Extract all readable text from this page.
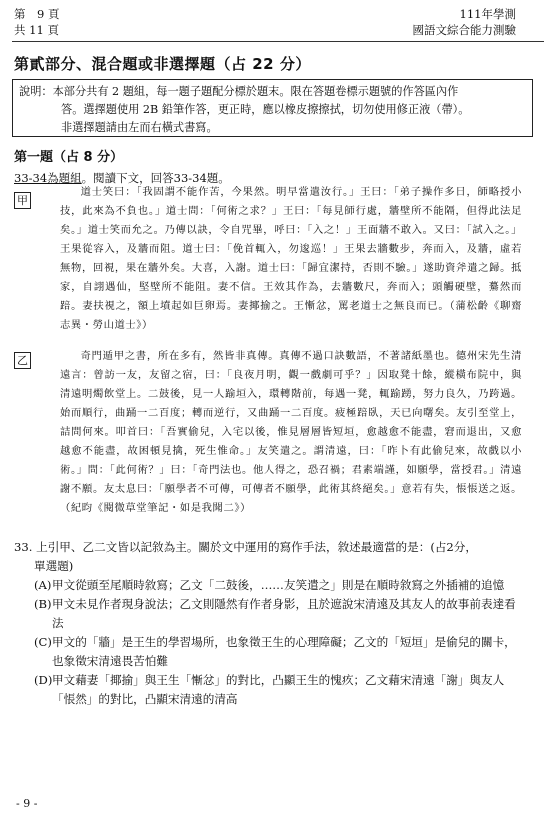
第　9 頁
共 11 頁
111年學測
國語文綜合能力測驗
第貳部分、混合題或非選擇題（占 22 分）
說明：本部分共有 2 題組，每一題子題配分標於題末。限在答題卷標示題號的作答區內作
答。選擇題使用 2B 鉛筆作答，更正時，應以橡皮擦擦拭，切勿使用修正液（帶）。
非選擇題請由左而右橫式書寫。
第一題（占 8 分）
33-34為題組。閱讀下文，回答33-34題。
甲

道士笑曰：「我固謂不能作苦，今果然。明早當遣汝行。」王曰：「弟子操作多日，師略授小技，此來為不負也。」道士問：「何術之求？」王曰：「每見師行處，牆壁所不能隔，但得此法足矣。」道士笑而允之。乃傳以訣，令自咒畢，呼曰：「入之！」王面牆不敢入。又曰：「試入之。」王果從容入，及牆而阻。道士曰：「俛首輒入，勿逡巡！」王果去牆數步，奔而入，及牆，虛若無物，回視，果在牆外矣。大喜，入謝。道士曰：「歸宜潔持，否則不驗。」遂助資斧遣之歸。抵家，自詡遇仙，堅壁所不能阻。妻不信。王效其作為，去牆數尺，奔而入；頭觸硬壁，驀然而踣。妻扶視之，額上墳起如巨卵焉。妻揶揄之。王慚忿，罵老道士之無良而已。（蒲松齡《聊齋志異・勞山道士》）

乙	奇門遁甲之書，所在多有，然皆非真傳。真傳不過口訣數語，不著諸紙墨也。德州宋先生清遠言：曾訪一友，友留之宿，曰：「良夜月明，觀一戲劇可乎？」因取凳十餘，縱橫布院中，與清遠明燭飲堂上。二鼓後，見一人踰垣入，環轉階前，每遇一凳，輒踰踴，努力良久，乃跨過。始而順行，曲踊一二百度；轉而逆行，又曲踊一二百度。疲極踣臥，天已向曙矣。友引至堂上，詰問何來。叩首曰：「吾實偷兒，入宅以後，惟見層層皆短垣，愈越愈不能盡，窘而退出，又愈越愈不能盡，故困頓見擒，死生惟命。」友笑遣之。謂清遠，曰：「昨卜有此偷兒來，故戲以小術。」問：「此何術？」曰：「奇門法也。他人得之，恐召禍；君素端謹，如願學，當授君。」清遠謝不願。友太息曰：「願學者不可傳，可傳者不願學，此術其終絕矣。」意若有失，悵悵送之返。（紀昀《閱微草堂筆記・如是我聞二》）

33. 上引甲、乙二文皆以記敘為主。關於文中運用的寫作手法，敘述最適當的是：(占2分，

單選題)

(A) 甲文從頭至尾順時敘寫；乙文「二鼓後，……友笑遣之」則是在順時敘寫之外插補的追憶

(B) 甲文未見作者現身說法；乙文則隱然有作者身影，且於遮說宋清遠及其友人的故事前表達看法

(C) 甲文的「牆」是王生的學習場所，也象徵王生的心理障礙；乙文的「短垣」是偷兒的關卡，也象徵宋清遠畏苦怕難

(D) 甲文藉妻「揶揄」與王生「慚忿」的對比，凸顯王生的愧疚；乙文藉宋清遠「謝」與友人「悵然」的對比，凸顯宋清遠的清高

- 9 -
